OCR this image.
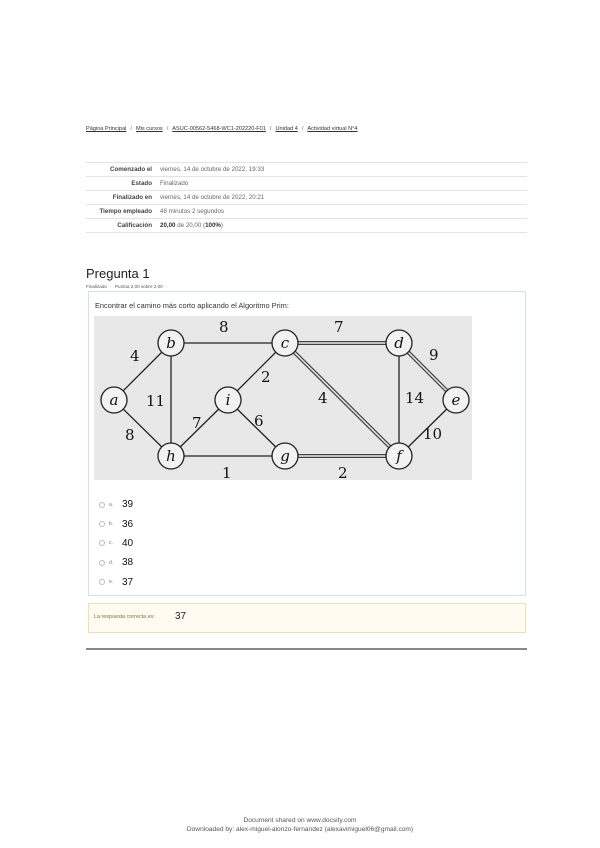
Página Principal / Mis cursos / ASUC-00562-5468-WC1-202220-F01 / Unidad 4 / Actividad virtual N°4
Comenzado el	viernes, 14 de octubre de 2022, 19:33
Estado	Finalizado
Finalizado en	viernes, 14 de octubre de 2022, 20:21
Tiempo empleado	48 minutos 2 segundos
Calificación	20,00 de 20,00 (100%)
Pregunta 1
Finalizado Puntúa 2,00 sobre 2,00
Encontrar el camino más corto aplicando el Algoritmo Prim:
4
8	7
9
11
2
4	14
7	6
8	10
1	2
a
b	c	d
e
i
h	g	f
a. 39
b. 36
c. 40
d. 38
e. 37
La respuesta correcta es: 37
Document shared on www.docsity.com
Downloaded by: alex-miguel-alonzo-fernandez (alexavimiguel06@gmail.com)
